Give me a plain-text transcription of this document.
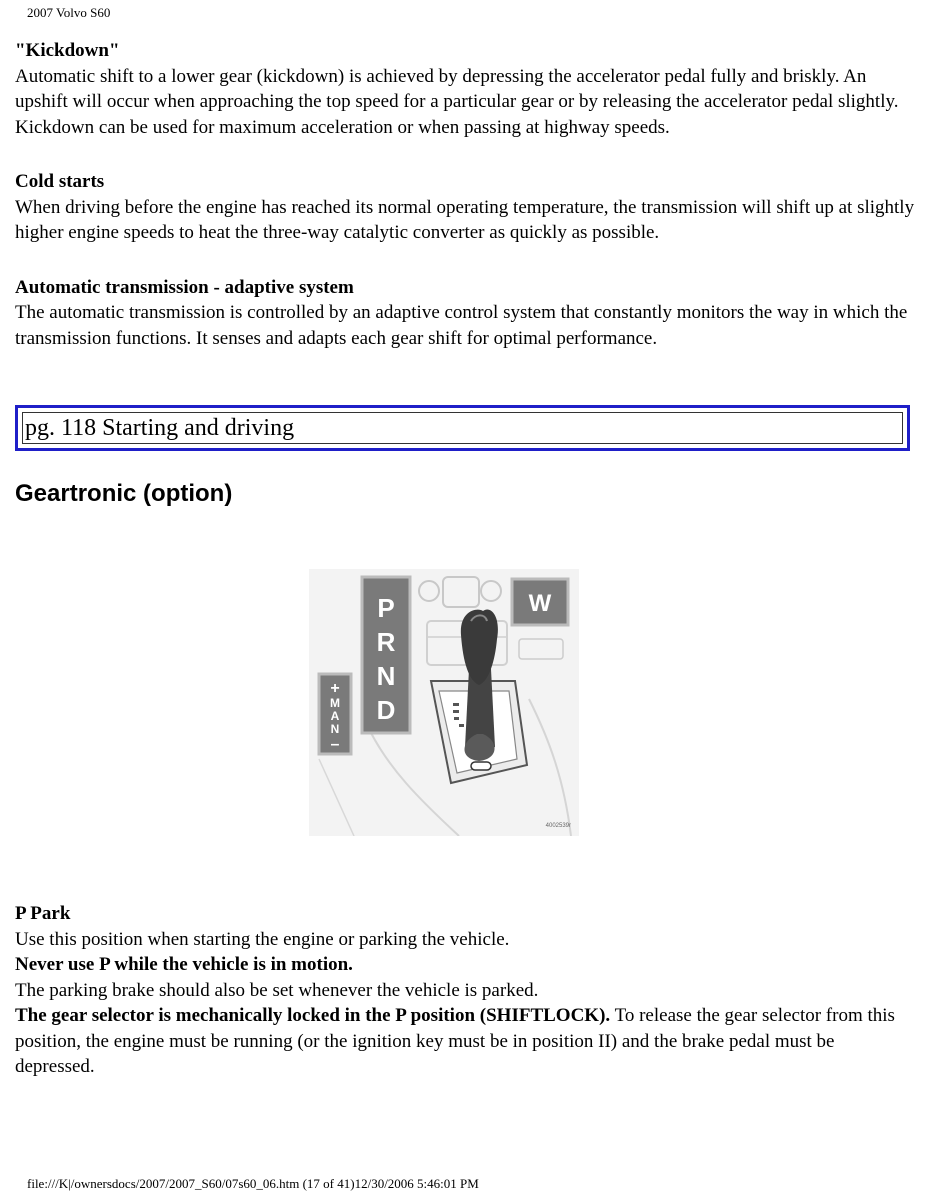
2007 Volvo S60

"Kickdown"

Automatic shift to a lower gear (kickdown) is achieved by depressing the accelerator pedal fully and briskly. An upshift will occur when approaching the top speed for a particular gear or by releasing the accelerator pedal slightly.

Kickdown can be used for maximum acceleration or when passing at highway speeds.

Cold starts

When driving before the engine has reached its normal operating temperature, the transmission will shift up at slightly higher engine speeds to heat the three-way catalytic converter as quickly as possible.

Automatic transmission - adaptive system

The automatic transmission is controlled by an adaptive control system that constantly monitors the way in which the transmission functions. It senses and adapts each gear shift for optimal performance.

pg. 118 Starting and driving
Geartronic (option)
P
R
N
D
+
M
A
N
–
W
4002539r

P Park

Use this position when starting the engine or parking the vehicle.

Never use P while the vehicle is in motion.

The parking brake should also be set whenever the vehicle is parked.

The gear selector is mechanically locked in the P position (SHIFTLOCK). To release the gear selector from this position, the engine must be running (or the ignition key must be in position II) and the brake pedal must be depressed.

file:///K|/ownersdocs/2007/2007_S60/07s60_06.htm (17 of 41)12/30/2006 5:46:01 PM
